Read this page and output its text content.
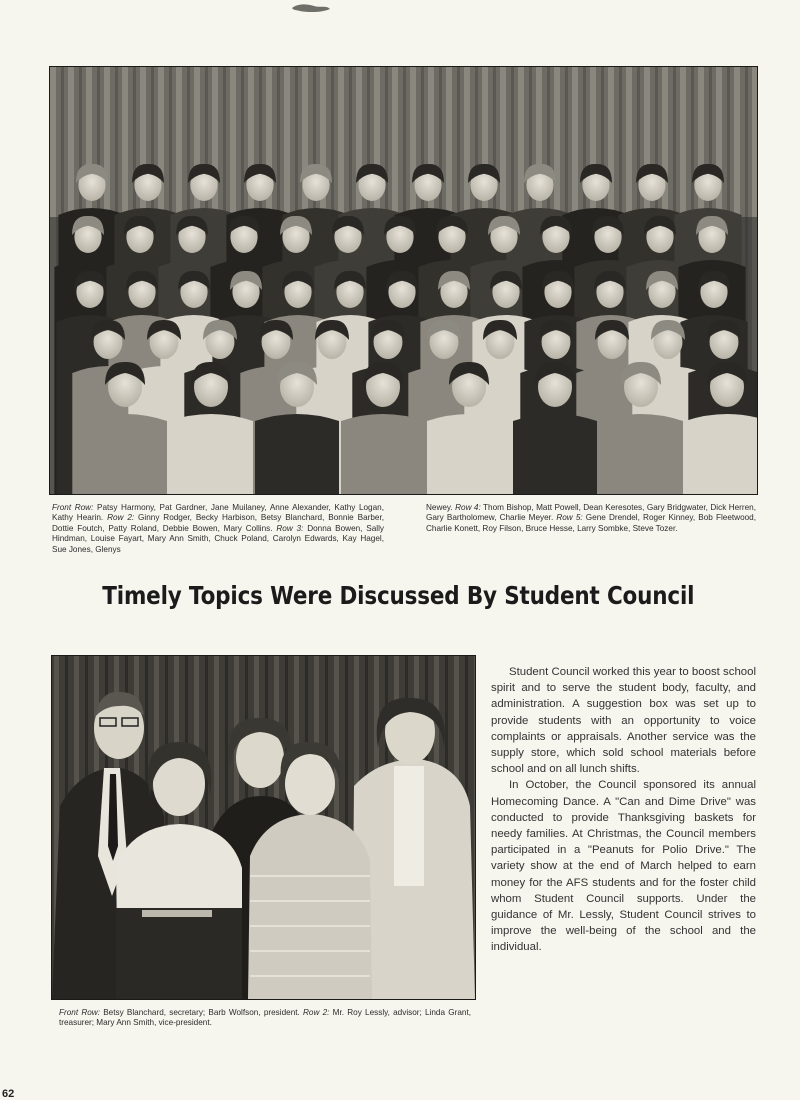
Front Row: Patsy Harmony, Pat Gardner, Jane Muilaney, Anne Alexander, Kathy Logan, Kathy Hearin. Row 2: Ginny Rodger, Becky Harbison, Betsy Blanchard, Bonnie Barber, Dottie Foutch, Patty Roland, Debbie Bowen, Mary Collins. Row 3: Donna Bowen, Sally Hindman, Louise Fayart, Mary Ann Smith, Chuck Poland, Carolyn Edwards, Kay Hagel, Sue Jones, Glenys
Newey. Row 4: Thom Bishop, Matt Powell, Dean Keresotes, Gary Bridgwater, Dick Herren, Gary Bartholomew, Charlie Meyer. Row 5: Gene Drendel, Roger Kinney, Bob Fleetwood, Charlie Konett, Roy Filson, Bruce Hesse, Larry Sombke, Steve Tozer.
Timely Topics Were Discussed By Student Council

Student Council worked this year to boost school spirit and to serve the student body, faculty, and administration. A suggestion box was set up to provide students with an opportunity to voice complaints or appraisals. Another service was the supply store, which sold school materials before school and on all lunch shifts.

In October, the Council sponsored its annual Homecoming Dance. A "Can and Dime Drive" was conducted to provide Thanksgiving baskets for needy families. At Christmas, the Council members participated in a "Peanuts for Polio Drive." The variety show at the end of March helped to earn money for the AFS students and for the foster child whom Student Council supports. Under the guidance of Mr. Lessly, Student Council strives to improve the well-being of the school and the individual.

Front Row: Betsy Blanchard, secretary; Barb Wolfson, president. Row 2: Mr. Roy Lessly, advisor; Linda Grant, treasurer; Mary Ann Smith, vice-president.
62
